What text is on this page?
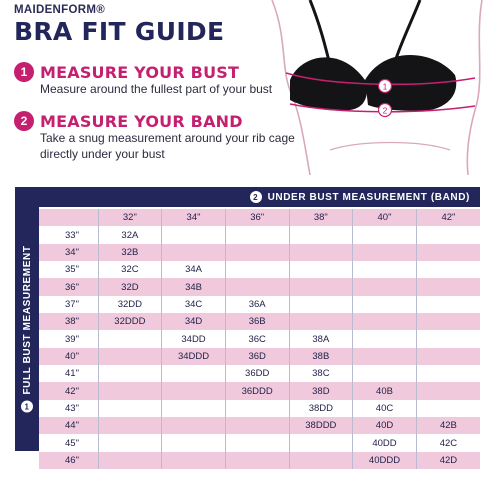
MAIDENFORM®
BRA FIT GUIDE
1 MEASURE YOUR BUST
Measure around the fullest part of your bust
2 MEASURE YOUR BAND
Take a snug measurement around your rib cage
directly under your bust
1
2
2 UNDER BUST MEASUREMENT (BAND)
1
FULL BUST MEASUREMENT
	32"	34"	36"	38"	40"	42"
33"	32A					
34"	32B					
35"	32C	34A				
36"	32D	34B				
37"	32DD	34C	36A			
38"	32DDD	34D	36B			
39"		34DD	36C	38A		
40"		34DDD	36D	38B		
41"			36DD	38C		
42"			36DDD	38D	40B	
43"				38DD	40C	
44"				38DDD	40D	42B
45"					40DD	42C
46"					40DDD	42D
